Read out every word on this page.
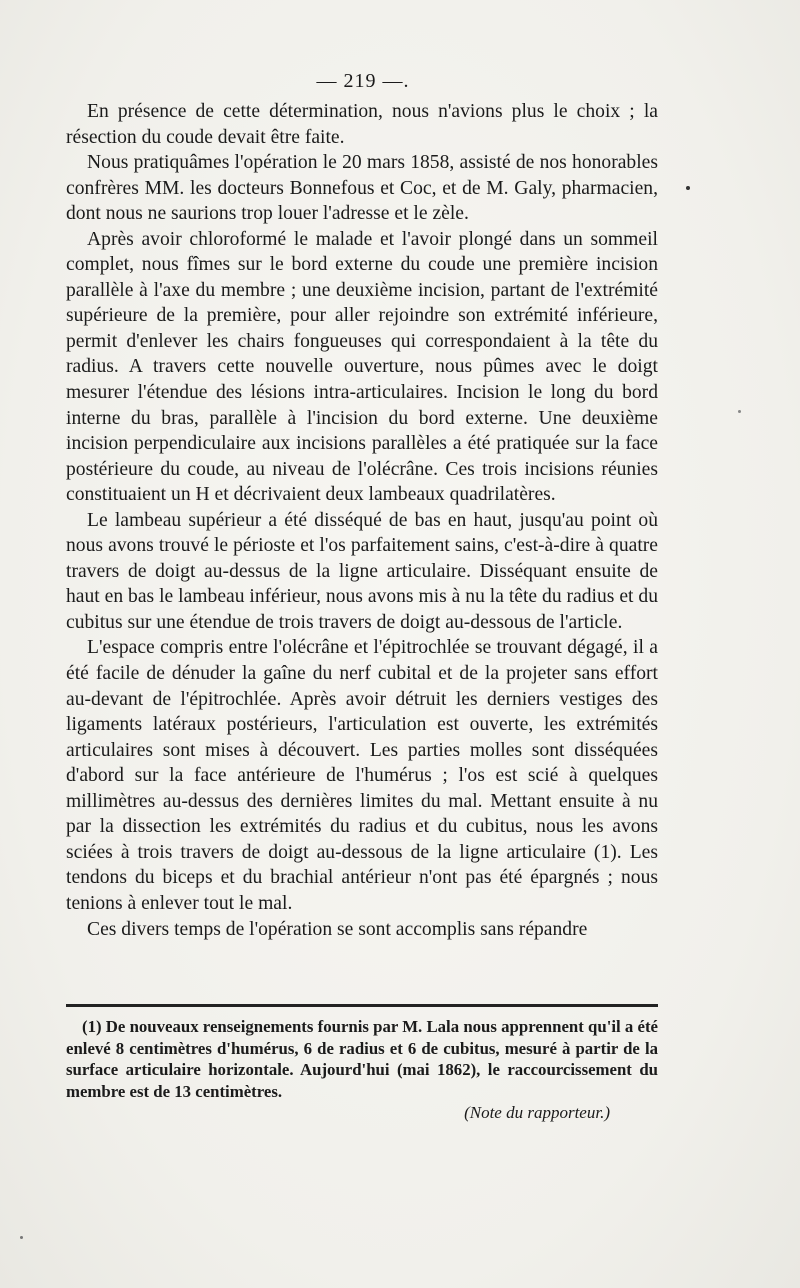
— 219 —.

En présence de cette détermination, nous n'avions plus le choix ; la résection du coude devait être faite.

Nous pratiquâmes l'opération le 20 mars 1858, assisté de nos honorables confrères MM. les docteurs Bonnefous et Coc, et de M. Galy, pharmacien, dont nous ne saurions trop louer l'adresse et le zèle.

Après avoir chloroformé le malade et l'avoir plongé dans un sommeil complet, nous fîmes sur le bord externe du coude une première incision parallèle à l'axe du membre ; une deuxième incision, partant de l'extrémité supérieure de la première, pour aller rejoindre son extrémité inférieure, permit d'enlever les chairs fongueuses qui correspondaient à la tête du radius. A travers cette nouvelle ouverture, nous pûmes avec le doigt mesurer l'étendue des lésions intra-articulaires. Incision le long du bord interne du bras, parallèle à l'incision du bord externe. Une deuxième incision perpendiculaire aux incisions parallèles a été pratiquée sur la face postérieure du coude, au niveau de l'olécrâne. Ces trois incisions réunies constituaient un H et décrivaient deux lambeaux quadrilatères.

Le lambeau supérieur a été disséqué de bas en haut, jusqu'au point où nous avons trouvé le périoste et l'os parfaitement sains, c'est-à-dire à quatre travers de doigt au-dessus de la ligne articulaire. Disséquant ensuite de haut en bas le lambeau inférieur, nous avons mis à nu la tête du radius et du cubitus sur une étendue de trois travers de doigt au-dessous de l'article.

L'espace compris entre l'olécrâne et l'épitrochlée se trouvant dégagé, il a été facile de dénuder la gaîne du nerf cubital et de la projeter sans effort au-devant de l'épitrochlée. Après avoir détruit les derniers vestiges des ligaments latéraux postérieurs, l'articulation est ouverte, les extrémités articulaires sont mises à découvert. Les parties molles sont disséquées d'abord sur la face antérieure de l'humérus ; l'os est scié à quelques millimètres au-dessus des dernières limites du mal. Mettant ensuite à nu par la dissection les extrémités du radius et du cubitus, nous les avons sciées à trois travers de doigt au-dessous de la ligne articulaire (1). Les tendons du biceps et du brachial antérieur n'ont pas été épargnés ; nous tenions à enlever tout le mal.

Ces divers temps de l'opération se sont accomplis sans répandre

(1) De nouveaux renseignements fournis par M. Lala nous apprennent qu'il a été enlevé 8 centimètres d'humérus, 6 de radius et 6 de cubitus, mesuré à partir de la surface articulaire horizontale. Aujourd'hui (mai 1862), le raccourcissement du membre est de 13 centimètres.

(Note du rapporteur.)
